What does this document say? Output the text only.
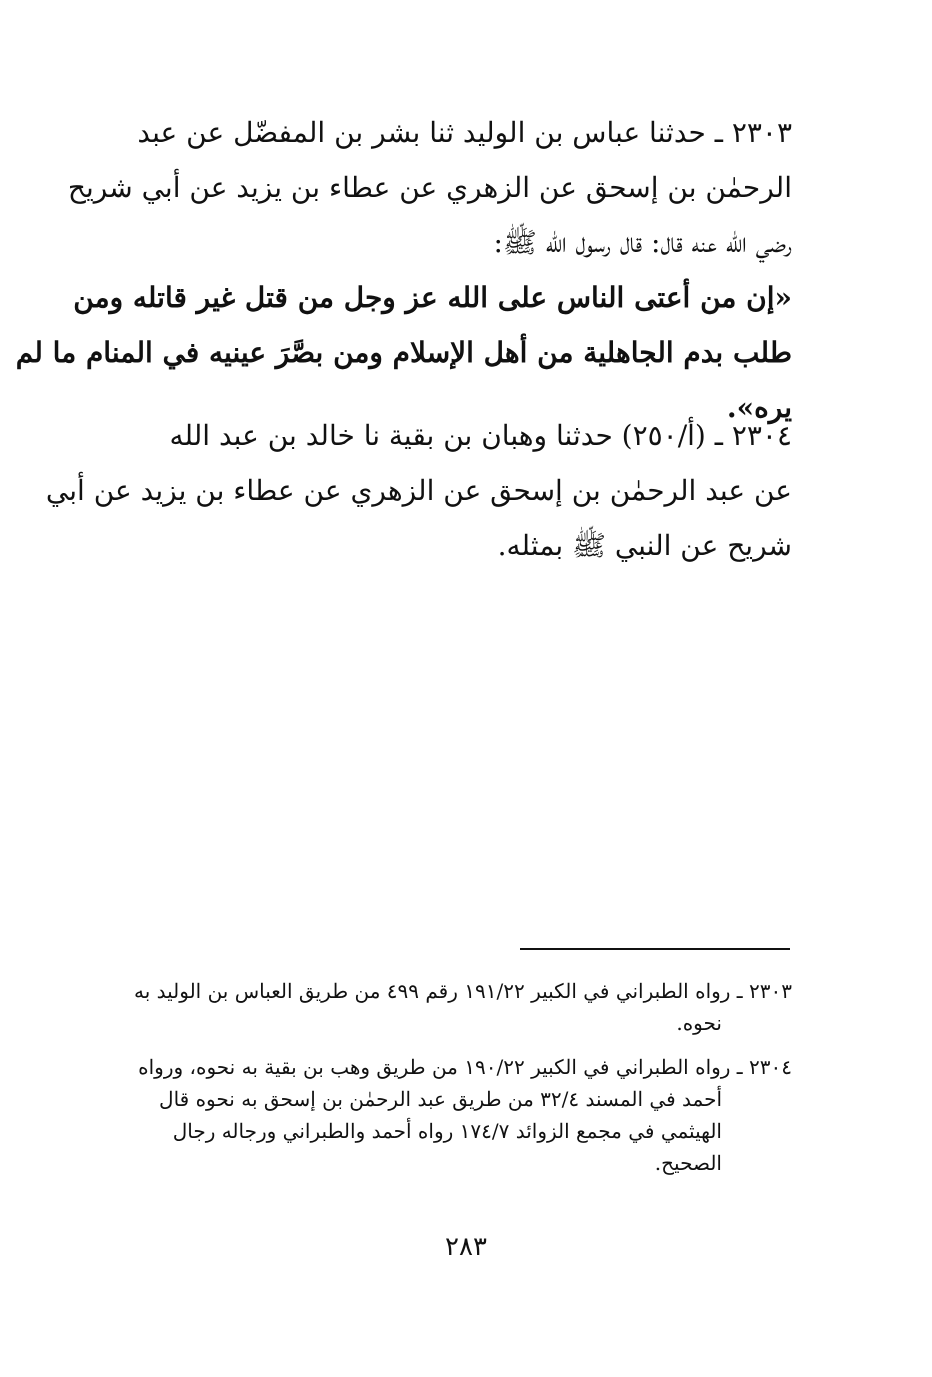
٢٣٠٣ ـ حدثنا عباس بن الوليد ثنا بشر بن المفضّل عن عبد
الرحمٰن بن إسحق عن الزهري عن عطاء بن يزيد عن أبي شريح
رضي الله عنه قال: قال رسول الله ﷺ:
«إن من أعتى الناس على الله عز وجل من قتل غير قاتله ومن
طلب بدم الجاهلية من أهل الإسلام ومن بصَّرَ عينيه في المنام ما لم
يره».
٢٣٠٤ ـ (أ/٢٥٠) حدثنا وهبان بن بقية نا خالد بن عبد الله
عن عبد الرحمٰن بن إسحق عن الزهري عن عطاء بن يزيد عن أبي
شريح عن النبي ﷺ بمثله.
٢٣٠٣ ـ رواه الطبراني في الكبير ١٩١/٢٢ رقم ٤٩٩ من طريق العباس بن الوليد به
نحوه.
٢٣٠٤ ـ رواه الطبراني في الكبير ١٩٠/٢٢ من طريق وهب بن بقية به نحوه، ورواه
أحمد في المسند ٣٢/٤ من طريق عبد الرحمٰن بن إسحق به نحوه قال
الهيثمي في مجمع الزوائد ١٧٤/٧ رواه أحمد والطبراني ورجاله رجال
الصحيح.
٢٨٣
